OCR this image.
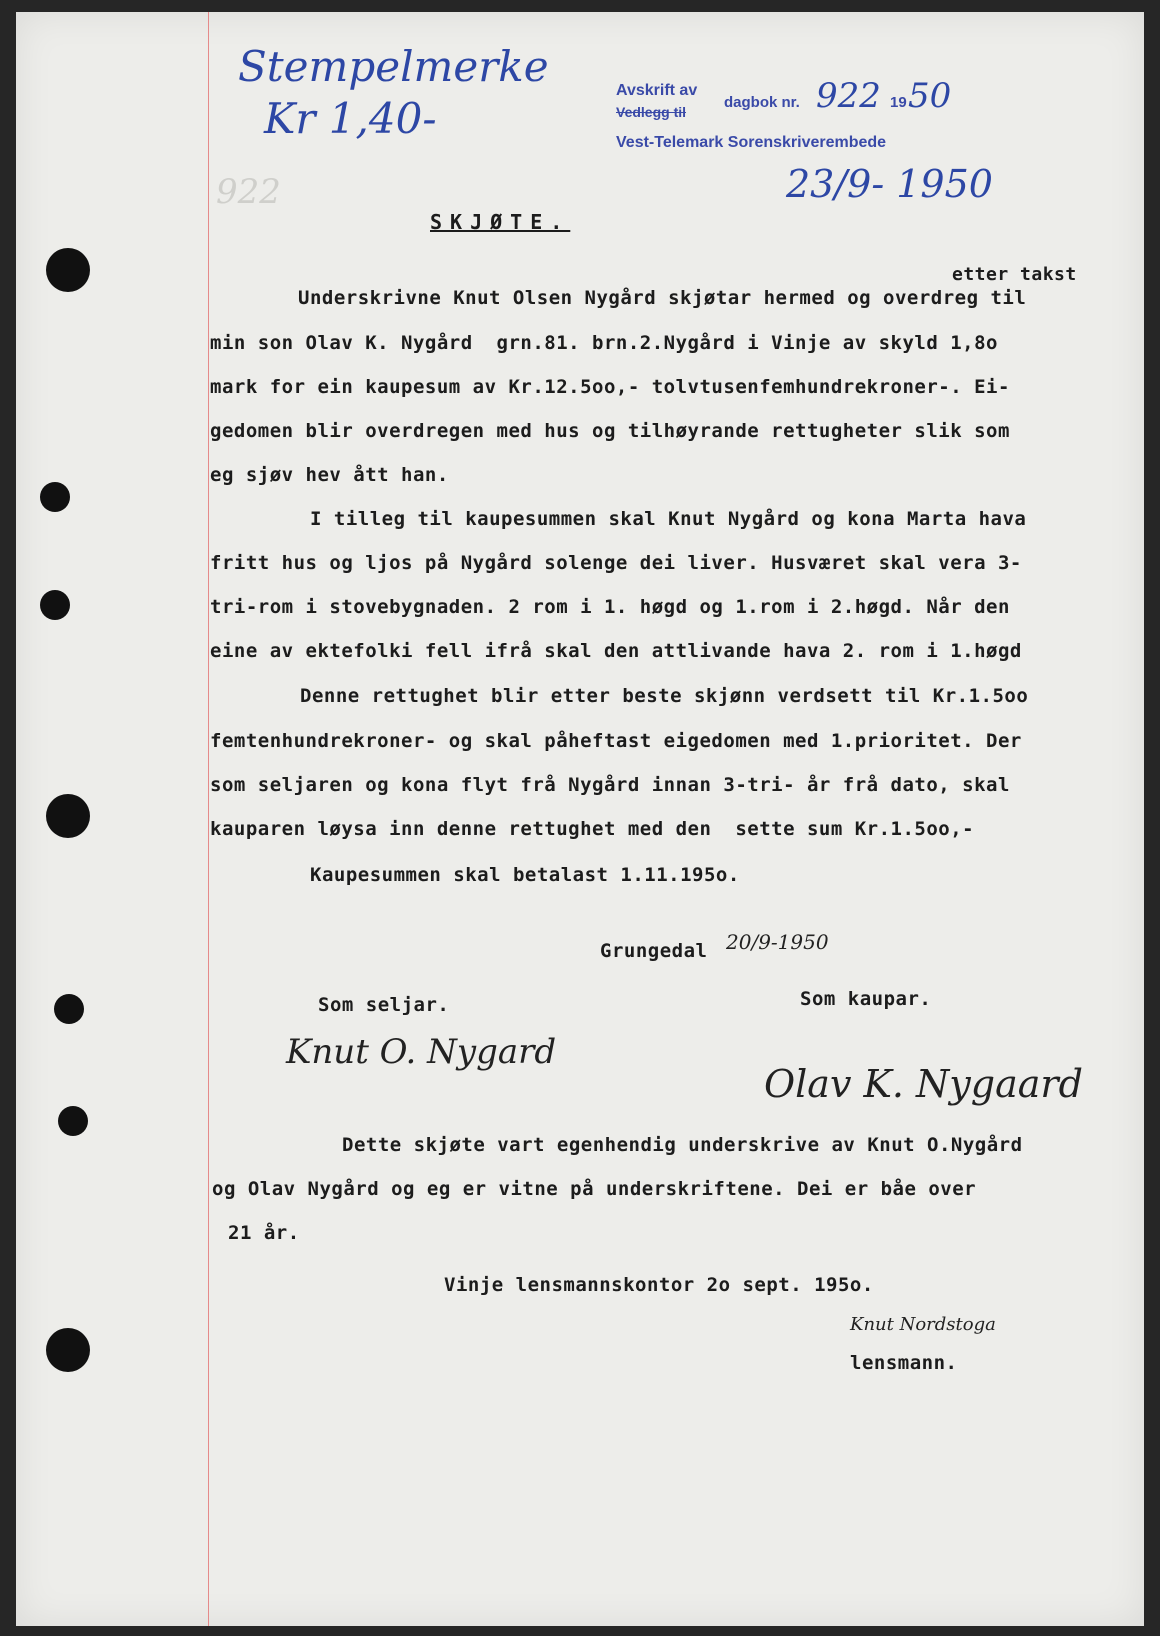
Stempelmerke
Kr 1,40-
922
Avskrift av
Vedlegg til
dagbok nr. 922 19 50
Vest-Telemark Sorenskriverembede
23/9- 1950
SKJØTE.
etter takst
Underskrivne Knut Olsen Nygård skjøtar hermed og overdreg til
min son Olav K. Nygård  grn.81. brn.2.Nygård i Vinje av skyld 1,8o
mark for ein kaupesum av Kr.12.5oo,- tolvtusenfemhundrekroner-. Ei-
gedomen blir overdregen med hus og tilhøyrande rettugheter slik som
eg sjøv hev ått han.
I tilleg til kaupesummen skal Knut Nygård og kona Marta hava
fritt hus og ljos på Nygård solenge dei liver. Husværet skal vera 3-
tri-rom i stovebygnaden. 2 rom i 1. høgd og 1.rom i 2.høgd. Når den
eine av ektefolki fell ifrå skal den attlivande hava 2. rom i 1.høgd
Denne rettughet blir etter beste skjønn verdsett til Kr.1.5oo
femtenhundrekroner- og skal påheftast eigedomen med 1.prioritet. Der
som seljaren og kona flyt frå Nygård innan 3-tri- år frå dato, skal
kauparen løysa inn denne rettughet med den  sette sum Kr.1.5oo,-
Kaupesummen skal betalast 1.11.195o.
Grungedal 20/9-1950
Som seljar.	Som kaupar.
Knut O. Nygard
Olav K. Nygaard
Dette skjøte vart egenhendig underskrive av Knut O.Nygård
og Olav Nygård og eg er vitne på underskriftene. Dei er båe over
21 år.
Vinje lensmannskontor 2o sept. 195o.
Knut Nordstoga
lensmann.
